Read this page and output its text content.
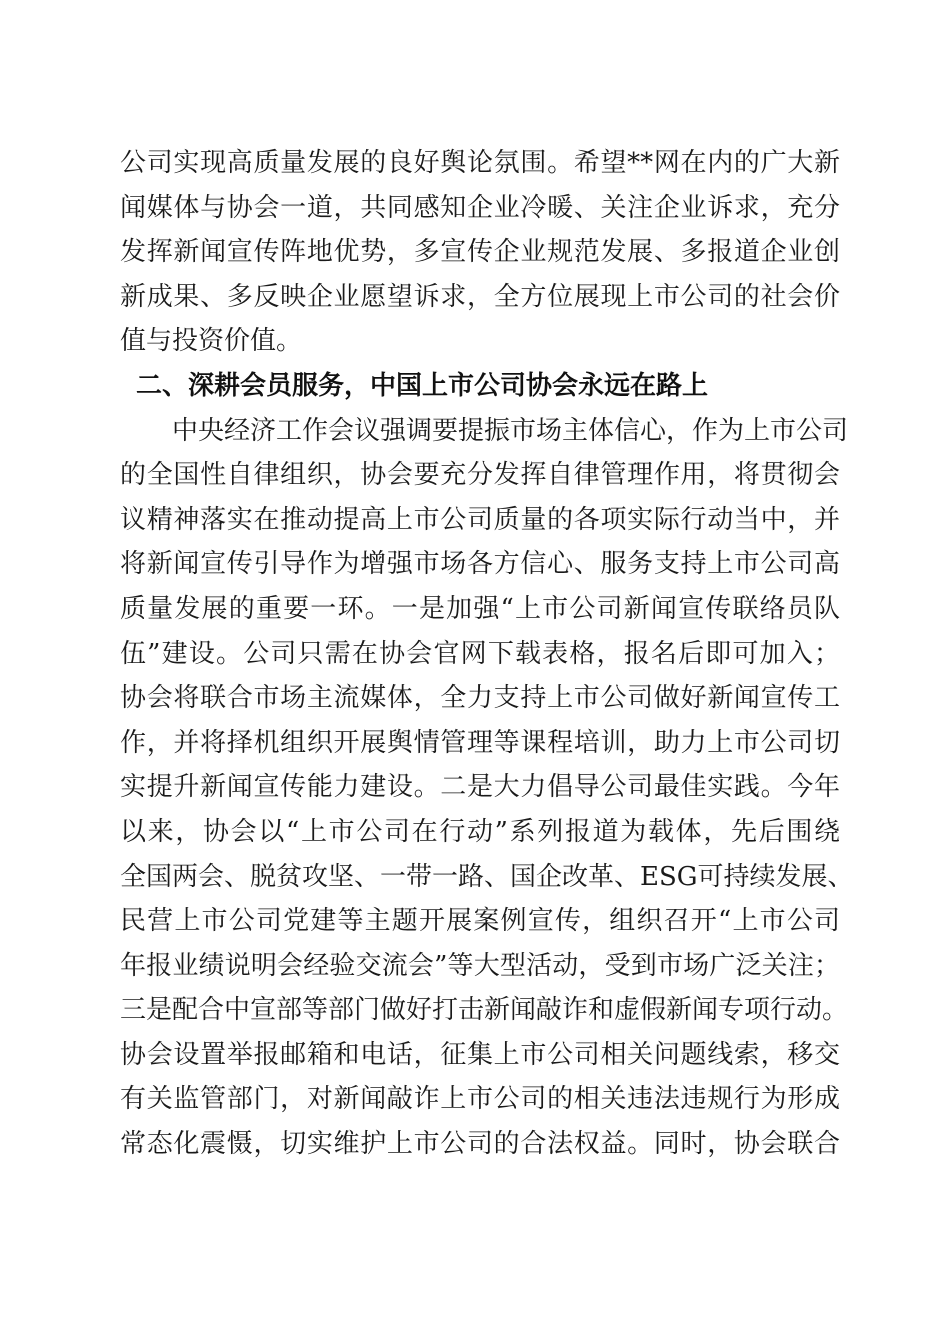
公司实现高质量发展的良好舆论氛围。希望**网在内的广大新
闻媒体与协会一道，共同感知企业冷暖、关注企业诉求，充分
发挥新闻宣传阵地优势，多宣传企业规范发展、多报道企业创
新成果、多反映企业愿望诉求，全方位展现上市公司的社会价
值与投资价值。
二、深耕会员服务，中国上市公司协会永远在路上
中央经济工作会议强调要提振市场主体信心，作为上市公司
的全国性自律组织，协会要充分发挥自律管理作用，将贯彻会
议精神落实在推动提高上市公司质量的各项实际行动当中，并
将新闻宣传引导作为增强市场各方信心、服务支持上市公司高
质量发展的重要一环。一是加强“上市公司新闻宣传联络员队
伍”建设。公司只需在协会官网下载表格，报名后即可加入；
协会将联合市场主流媒体，全力支持上市公司做好新闻宣传工
作，并将择机组织开展舆情管理等课程培训，助力上市公司切
实提升新闻宣传能力建设。二是大力倡导公司最佳实践。今年
以来，协会以“上市公司在行动”系列报道为载体，先后围绕
全国两会、脱贫攻坚、一带一路、国企改革、ESG可持续发展、
民营上市公司党建等主题开展案例宣传，组织召开“上市公司
年报业绩说明会经验交流会”等大型活动，受到市场广泛关注；
三是配合中宣部等部门做好打击新闻敲诈和虚假新闻专项行动。
协会设置举报邮箱和电话，征集上市公司相关问题线索，移交
有关监管部门，对新闻敲诈上市公司的相关违法违规行为形成
常态化震慑，切实维护上市公司的合法权益。同时，协会联合
